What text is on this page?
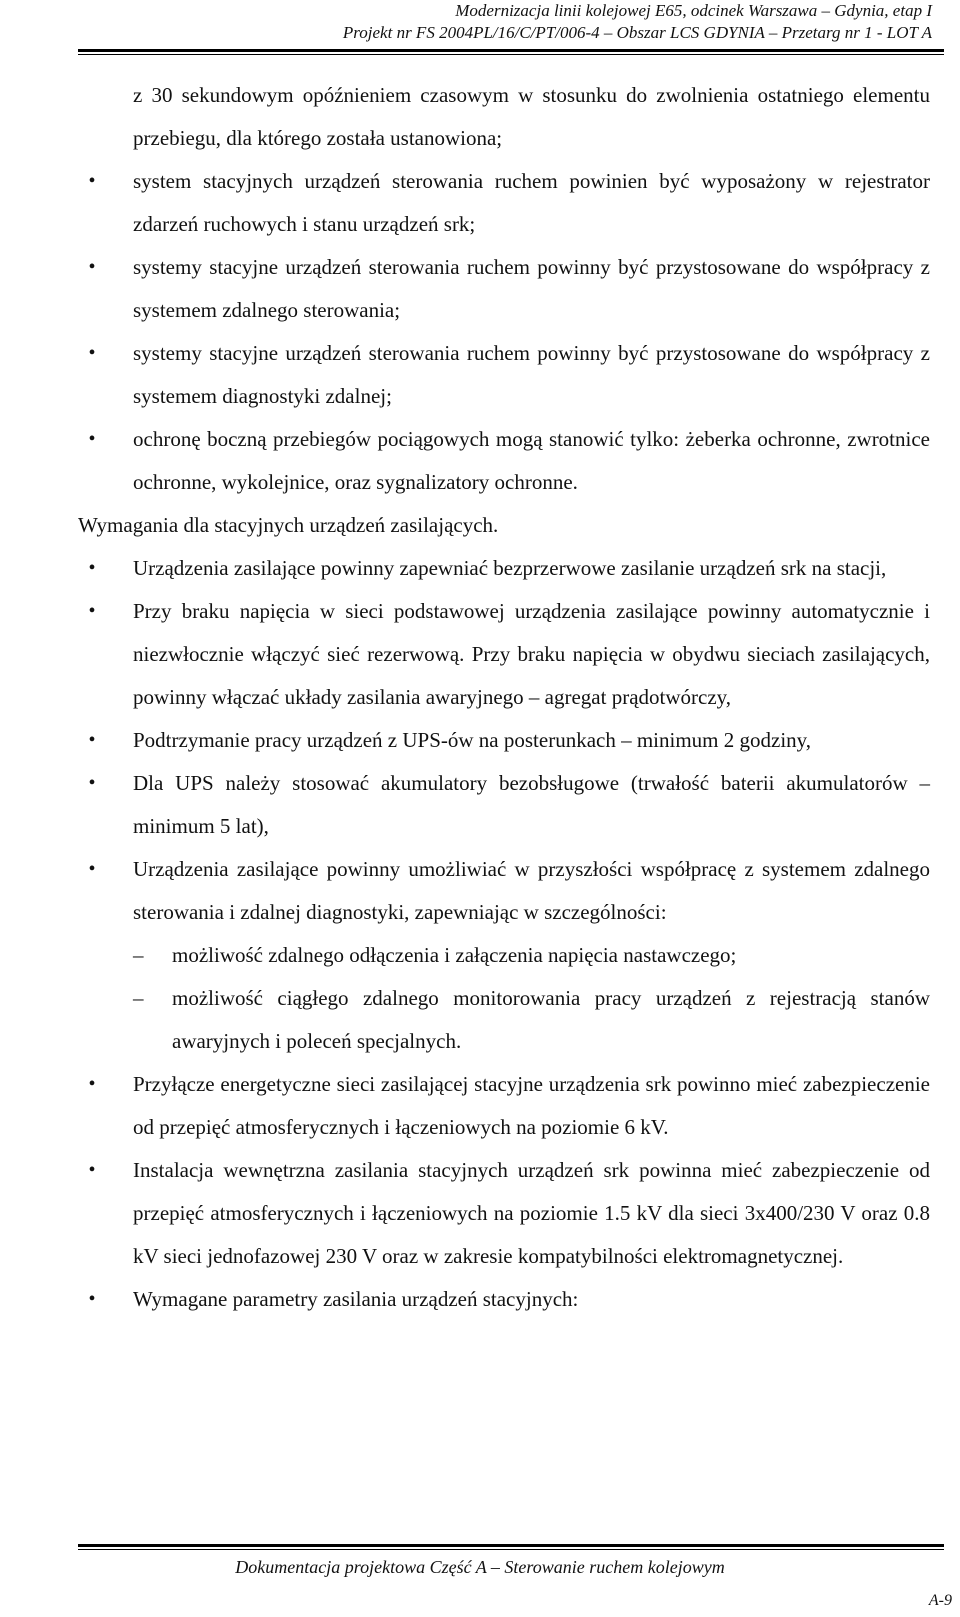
Modernizacja linii kolejowej E65, odcinek Warszawa – Gdynia, etap I
Projekt nr FS 2004PL/16/C/PT/006-4 – Obszar LCS GDYNIA – Przetarg nr 1 - LOT A
z 30 sekundowym opóźnieniem czasowym w stosunku do zwolnienia ostatniego elementu przebiegu, dla którego została ustanowiona;
•	system stacyjnych urządzeń sterowania ruchem powinien być wyposażony w rejestrator zdarzeń ruchowych i stanu urządzeń srk;
•	systemy stacyjne urządzeń sterowania ruchem powinny być przystosowane do współpracy z systemem zdalnego sterowania;
•	systemy stacyjne urządzeń sterowania ruchem powinny być przystosowane do współpracy z systemem diagnostyki zdalnej;
•	ochronę boczną przebiegów pociągowych mogą stanowić tylko: żeberka ochronne, zwrotnice ochronne, wykolejnice, oraz sygnalizatory ochronne.
Wymagania dla stacyjnych urządzeń zasilających.
•	Urządzenia zasilające powinny zapewniać bezprzerwowe zasilanie urządzeń srk na stacji,
•	Przy braku napięcia w sieci podstawowej urządzenia zasilające powinny automatycznie i niezwłocznie włączyć sieć rezerwową. Przy braku napięcia w obydwu sieciach zasilających, powinny włączać układy zasilania awaryjnego – agregat prądotwórczy,
•	Podtrzymanie pracy urządzeń z UPS-ów na posterunkach – minimum 2 godziny,
•	Dla UPS należy stosować akumulatory bezobsługowe (trwałość baterii akumulatorów – minimum 5 lat),
•	Urządzenia zasilające powinny umożliwiać w przyszłości współpracę z systemem zdalnego sterowania i zdalnej diagnostyki, zapewniając w szczególności:
– możliwość zdalnego odłączenia i załączenia napięcia nastawczego;
– możliwość ciągłego zdalnego monitorowania pracy urządzeń z rejestracją stanów awaryjnych i poleceń specjalnych.
•	Przyłącze energetyczne sieci zasilającej stacyjne urządzenia srk powinno mieć zabezpieczenie od przepięć atmosferycznych i łączeniowych na poziomie 6 kV.
•	Instalacja wewnętrzna zasilania stacyjnych urządzeń srk powinna mieć zabezpieczenie od przepięć atmosferycznych i łączeniowych na poziomie 1.5 kV dla sieci 3x400/230 V oraz 0.8 kV sieci jednofazowej 230 V oraz w zakresie kompatybilności elektromagnetycznej.
•	Wymagane parametry zasilania urządzeń stacyjnych:
Dokumentacja projektowa Część A – Sterowanie ruchem kolejowym
A-9
